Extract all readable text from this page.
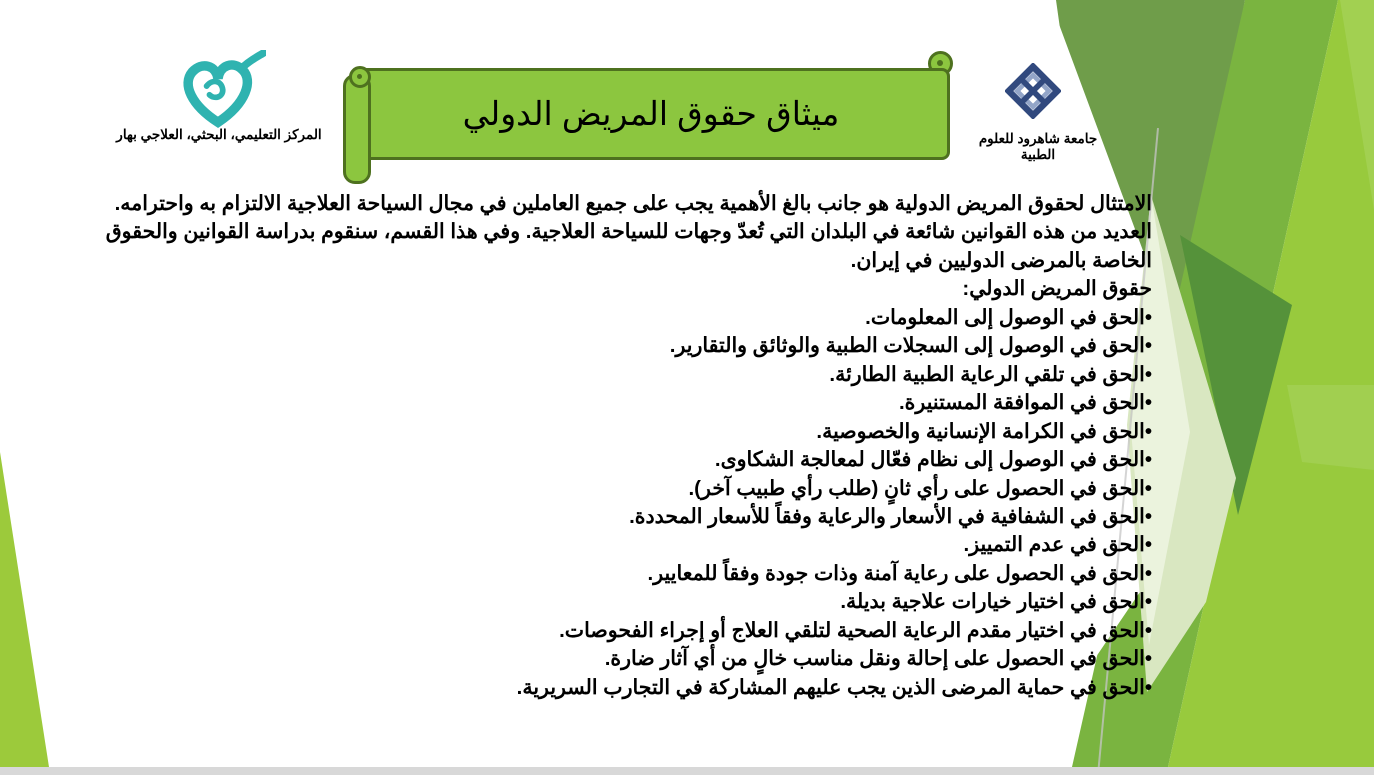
ميثاق حقوق المريض الدولي
المركز التعليمي، البحثي، العلاجي بهار	جامعة شاهرود للعلوم الطبية
الامتثال لحقوق المريض الدولية هو جانب بالغ الأهمية يجب على جميع العاملين في مجال السياحة العلاجية الالتزام به واحترامه.
العديد من هذه القوانين شائعة في البلدان التي تُعدّ وجهات للسياحة العلاجية. وفي هذا القسم، سنقوم بدراسة القوانين والحقوق
الخاصة بالمرضى الدوليين في إيران.
حقوق المريض الدولي:
•الحق في الوصول إلى المعلومات.
•الحق في الوصول إلى السجلات الطبية والوثائق والتقارير.
•الحق في تلقي الرعاية الطبية الطارئة.
•الحق في الموافقة المستنيرة.
•الحق في الكرامة الإنسانية والخصوصية.
•الحق في الوصول إلى نظام فعّال لمعالجة الشكاوى.
•الحق في الحصول على رأي ثانٍ (طلب رأي طبيب آخر).
•الحق في الشفافية في الأسعار والرعاية وفقاً للأسعار المحددة.
•الحق في عدم التمييز.
•الحق في الحصول على رعاية آمنة وذات جودة وفقاً للمعايير.
•الحق في اختيار خيارات علاجية بديلة.
•الحق في اختيار مقدم الرعاية الصحية لتلقي العلاج أو إجراء الفحوصات.
•الحق في الحصول على إحالة ونقل مناسب خالٍ من أي آثار ضارة.
•الحق في حماية المرضى الذين يجب عليهم المشاركة في التجارب السريرية.
